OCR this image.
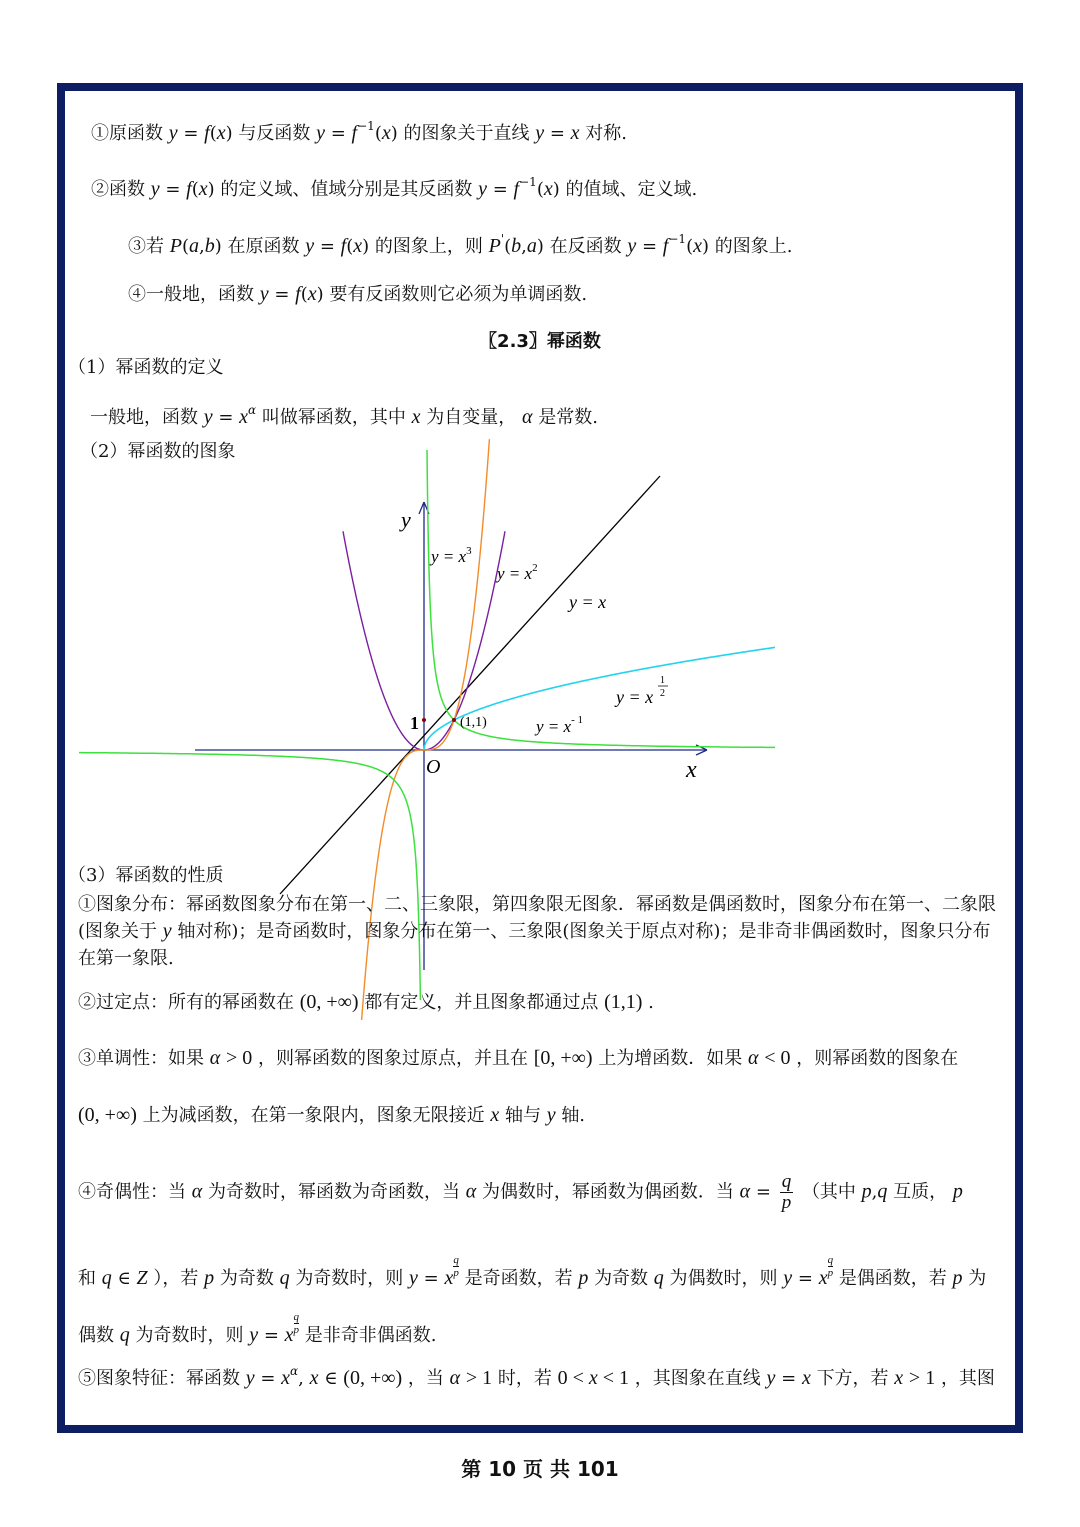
①原函数 y = f(x) 与反函数 $y = f^{-1}(x)$ 的图象关于直线 y = x 对称.
②函数 y = f(x) 的定义域、值域分别是其反函数 $y = f^{-1}(x)$ 的值域、定义域.
③若 P(a,b) 在原函数 y = f(x) 的图象上，则 P'(b,a) 在反函数 $y = f^{-1}(x)$ 的图象上.
④一般地，函数 y = f(x) 要有反函数则它必须为单调函数.
〖2.3〗幂函数
（1）幂函数的定义
一般地，函数 $y = x^\alpha$ 叫做幂函数，其中 x 为自变量， α 是常数.
（2）幂函数的图象
y
x
O
1	(1,1)
$y = x^3$
$y = x^2$
y = x
y = x
1
2
$y = x^{- 1}$
（3）幂函数的性质
①图象分布：幂函数图象分布在第一、二、三象限，第四象限无图象．幂函数是偶函数时，图象分布在第一、二象限(图象关于 y 轴对称)；是奇函数时，图象分布在第一、三象限(图象关于原点对称)；是非奇非偶函数时，图象只分布在第一象限.
②过定点：所有的幂函数在 (0, +∞) 都有定义，并且图象都通过点 (1,1) .
③单调性：如果 α > 0 ，则幂函数的图象过原点，并且在 [0, +∞) 上为增函数．如果 α < 0 ，则幂函数的图象在
(0, +∞) 上为减函数，在第一象限内，图象无限接近 x 轴与 y 轴.
④奇偶性：当 α 为奇数时，幂函数为奇函数，当 α 为偶数时，幂函数为偶函数．当 $\alpha = \frac{q}{p}$ （其中 p,q 互质， p
和 q ∈ Z ），若 p 为奇数 q 为奇数时，则 y = x $\frac{q}{p}$ 是奇函数，若 p 为奇数 q 为偶数时，则 y = x $\frac{q}{p}$ 是偶函数，若 p 为
偶数 q 为奇数时，则 y = x $\frac{q}{p}$ 是非奇非偶函数.
⑤图象特征：幂函数 $y = x^\alpha$, x ∈ (0, +∞) ，当 α > 1 时，若 0 < x < 1 ，其图象在直线 y = x 下方，若 x > 1 ，其图
第 10 页 共 101
